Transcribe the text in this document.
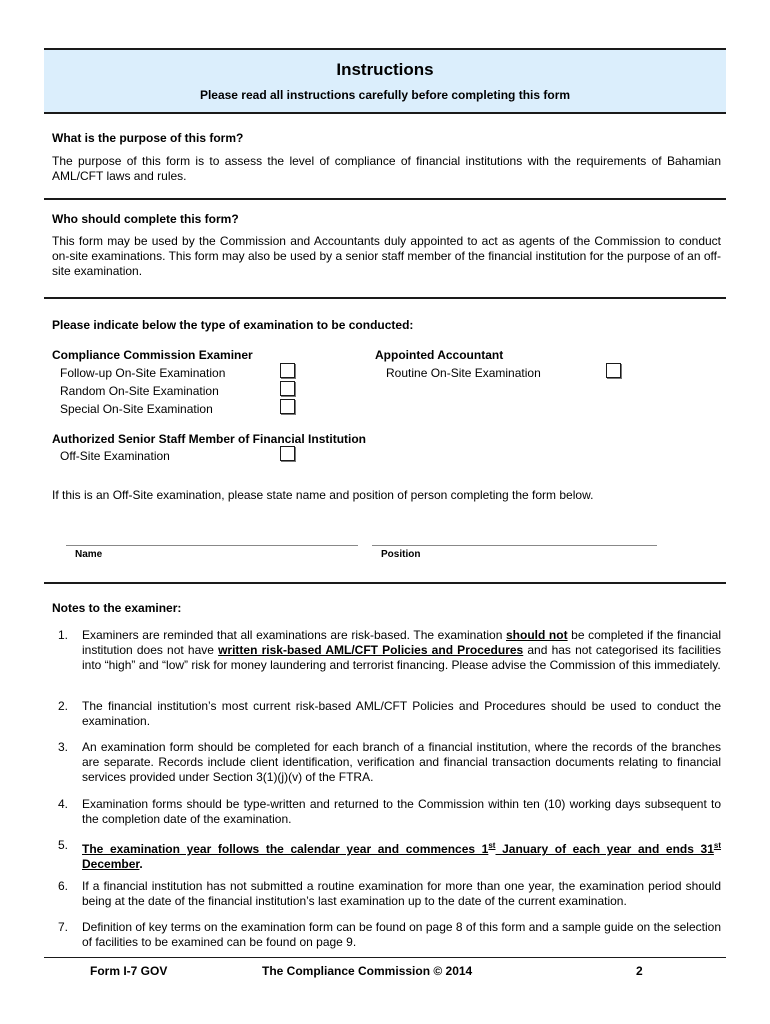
Instructions
Please read all instructions carefully before completing this form
What is the purpose of this form?
The purpose of this form is to assess the level of compliance of financial institutions with the requirements of Bahamian AML/CFT laws and rules.
Who should complete this form?
This form may be used by the Commission and Accountants duly appointed to act as agents of the Commission to conduct on-site examinations. This form may also be used by a senior staff member of the financial institution for the purpose of an off-site examination.
Please indicate below the type of examination to be conducted:
Compliance Commission Examiner
Follow-up On-Site Examination
Random On-Site Examination
Special On-Site Examination
Appointed Accountant
Routine On-Site Examination
Authorized Senior Staff Member of Financial Institution
Off-Site Examination
If this is an Off-Site examination, please state name and position of person completing the form below.
Name	Position
Notes to the examiner:
1. Examiners are reminded that all examinations are risk-based. The examination should not be completed if the financial institution does not have written risk-based AML/CFT Policies and Procedures and has not categorised its facilities into “high” and “low” risk for money laundering and terrorist financing. Please advise the Commission of this immediately.
2. The financial institution’s most current risk-based AML/CFT Policies and Procedures should be used to conduct the examination.
3. An examination form should be completed for each branch of a financial institution, where the records of the branches are separate. Records include client identification, verification and financial transaction documents relating to financial services provided under Section 3(1)(j)(v) of the FTRA.
4. Examination forms should be type-written and returned to the Commission within ten (10) working days subsequent to the completion date of the examination.
5. The examination year follows the calendar year and commences 1st January of each year and ends 31st December.
6. If a financial institution has not submitted a routine examination for more than one year, the examination period should being at the date of the financial institution’s last examination up to the date of the current examination.
7. Definition of key terms on the examination form can be found on page 8 of this form and a sample guide on the selection of facilities to be examined can be found on page 9.
Form I-7 GOV	The Compliance Commission © 2014	2
